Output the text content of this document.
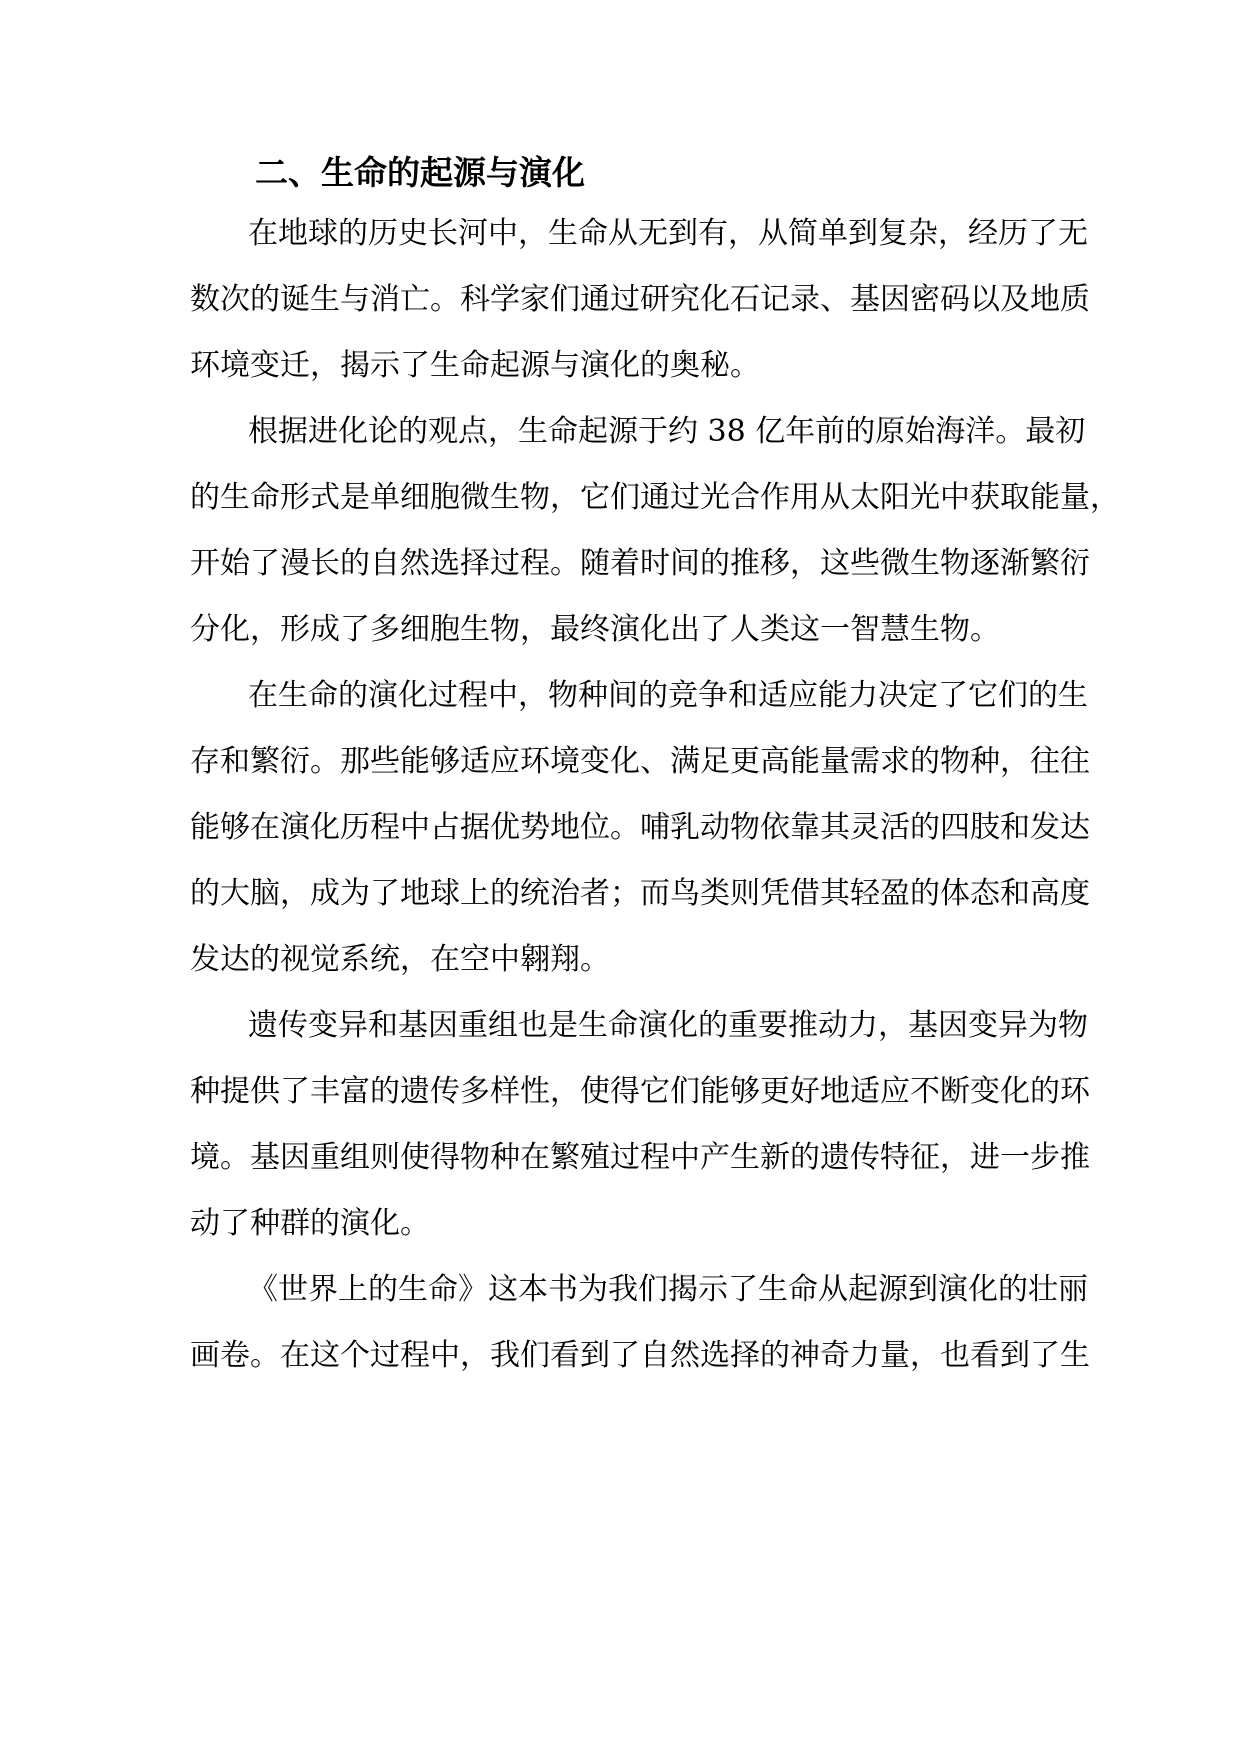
二、生命的起源与演化
在地球的历史长河中，生命从无到有，从简单到复杂，经历了无
数次的诞生与消亡。科学家们通过研究化石记录、基因密码以及地质
环境变迁，揭示了生命起源与演化的奥秘。
根据进化论的观点，生命起源于约 38 亿年前的原始海洋。最初
的生命形式是单细胞微生物，它们通过光合作用从太阳光中获取能量，
开始了漫长的自然选择过程。随着时间的推移，这些微生物逐渐繁衍
分化，形成了多细胞生物，最终演化出了人类这一智慧生物。
在生命的演化过程中，物种间的竞争和适应能力决定了它们的生
存和繁衍。那些能够适应环境变化、满足更高能量需求的物种，往往
能够在演化历程中占据优势地位。哺乳动物依靠其灵活的四肢和发达
的大脑，成为了地球上的统治者；而鸟类则凭借其轻盈的体态和高度
发达的视觉系统，在空中翱翔。
遗传变异和基因重组也是生命演化的重要推动力，基因变异为物
种提供了丰富的遗传多样性，使得它们能够更好地适应不断变化的环
境。基因重组则使得物种在繁殖过程中产生新的遗传特征，进一步推
动了种群的演化。
《世界上的生命》这本书为我们揭示了生命从起源到演化的壮丽
画卷。在这个过程中，我们看到了自然选择的神奇力量，也看到了生
